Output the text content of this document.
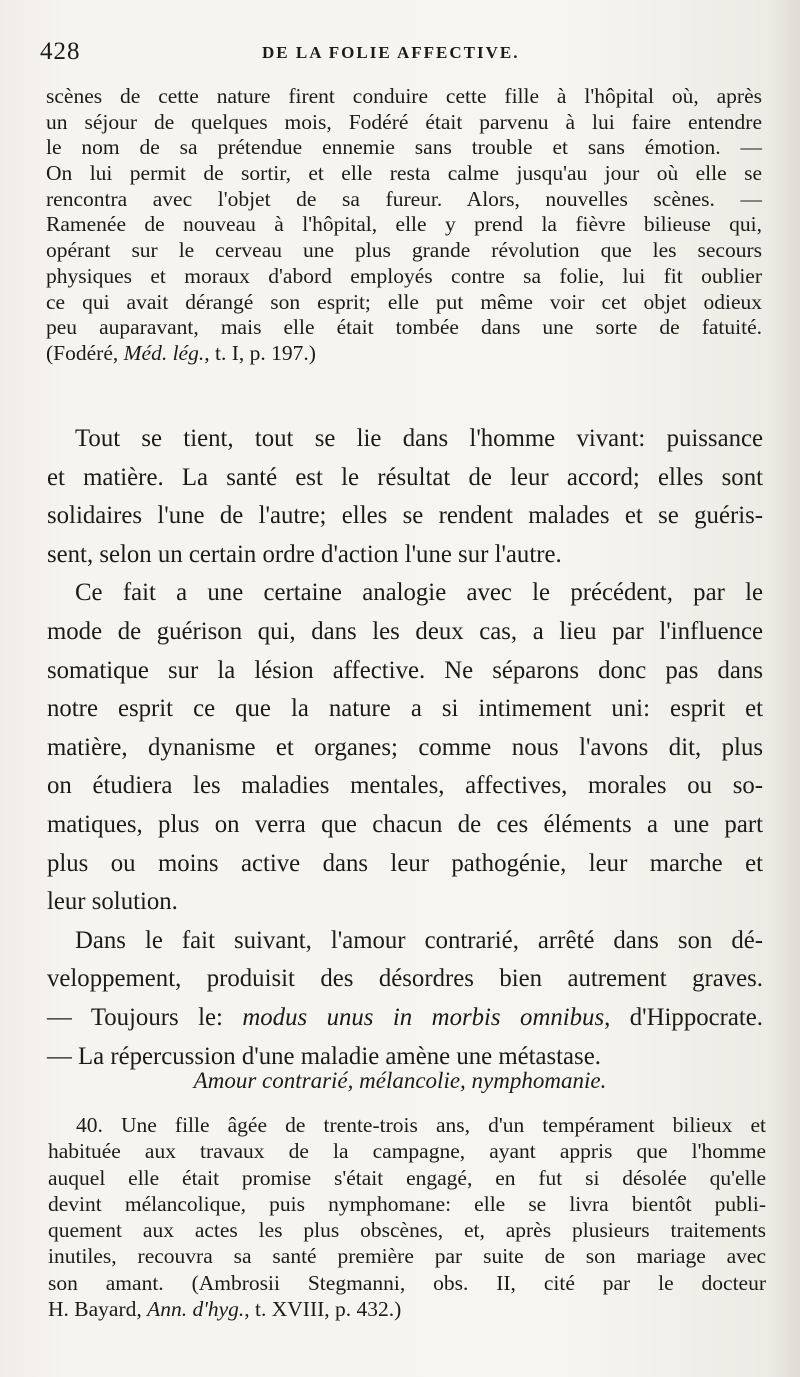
428	DE LA FOLIE AFFECTIVE.
scènes de cette nature firent conduire cette fille à l'hôpital où, après
un séjour de quelques mois, Fodéré était parvenu à lui faire entendre
le nom de sa prétendue ennemie sans trouble et sans émotion. —
On lui permit de sortir, et elle resta calme jusqu'au jour où elle se
rencontra avec l'objet de sa fureur. Alors, nouvelles scènes. —
Ramenée de nouveau à l'hôpital, elle y prend la fièvre bilieuse qui,
opérant sur le cerveau une plus grande révolution que les secours
physiques et moraux d'abord employés contre sa folie, lui fit oublier
ce qui avait dérangé son esprit; elle put même voir cet objet odieux
peu auparavant, mais elle était tombée dans une sorte de fatuité.
(Fodéré, Méd. lég., t. I, p. 197.)
Tout se tient, tout se lie dans l'homme vivant: puissance
et matière. La santé est le résultat de leur accord; elles sont
solidaires l'une de l'autre; elles se rendent malades et se guéris-
sent, selon un certain ordre d'action l'une sur l'autre.
Ce fait a une certaine analogie avec le précédent, par le
mode de guérison qui, dans les deux cas, a lieu par l'influence
somatique sur la lésion affective. Ne séparons donc pas dans
notre esprit ce que la nature a si intimement uni: esprit et
matière, dynanisme et organes; comme nous l'avons dit, plus
on étudiera les maladies mentales, affectives, morales ou so-
matiques, plus on verra que chacun de ces éléments a une part
plus ou moins active dans leur pathogénie, leur marche et
leur solution.
Dans le fait suivant, l'amour contrarié, arrêté dans son dé-
veloppement, produisit des désordres bien autrement graves.
— Toujours le: modus unus in morbis omnibus, d'Hippocrate.
— La répercussion d'une maladie amène une métastase.
Amour contrarié, mélancolie, nymphomanie.
40. Une fille âgée de trente-trois ans, d'un tempérament bilieux et
habituée aux travaux de la campagne, ayant appris que l'homme
auquel elle était promise s'était engagé, en fut si désolée qu'elle
devint mélancolique, puis nymphomane: elle se livra bientôt publi-
quement aux actes les plus obscènes, et, après plusieurs traitements
inutiles, recouvra sa santé première par suite de son mariage avec
son amant. (Ambrosii Stegmanni, obs. II, cité par le docteur
H. Bayard, Ann. d'hyg., t. XVIII, p. 432.)
